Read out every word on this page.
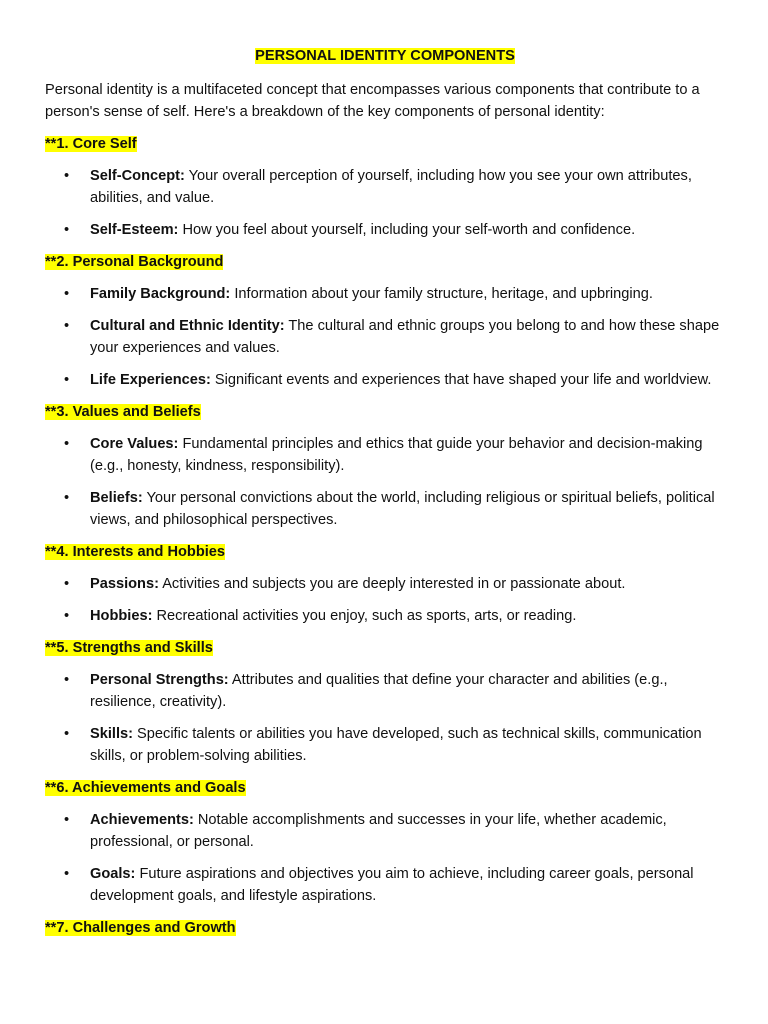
PERSONAL IDENTITY COMPONENTS

Personal identity is a multifaceted concept that encompasses various components that contribute to a person's sense of self. Here's a breakdown of the key components of personal identity:

**1. Core Self
• Self-Concept: Your overall perception of yourself, including how you see your own attributes, abilities, and value.
• Self-Esteem: How you feel about yourself, including your self-worth and confidence.
**2. Personal Background
• Family Background: Information about your family structure, heritage, and upbringing.
• Cultural and Ethnic Identity: The cultural and ethnic groups you belong to and how these shape your experiences and values.
• Life Experiences: Significant events and experiences that have shaped your life and worldview.
**3. Values and Beliefs
• Core Values: Fundamental principles and ethics that guide your behavior and decision-making (e.g., honesty, kindness, responsibility).
• Beliefs: Your personal convictions about the world, including religious or spiritual beliefs, political views, and philosophical perspectives.
**4. Interests and Hobbies
• Passions: Activities and subjects you are deeply interested in or passionate about.
• Hobbies: Recreational activities you enjoy, such as sports, arts, or reading.
**5. Strengths and Skills
• Personal Strengths: Attributes and qualities that define your character and abilities (e.g., resilience, creativity).
• Skills: Specific talents or abilities you have developed, such as technical skills, communication skills, or problem-solving abilities.
**6. Achievements and Goals
• Achievements: Notable accomplishments and successes in your life, whether academic, professional, or personal.
• Goals: Future aspirations and objectives you aim to achieve, including career goals, personal development goals, and lifestyle aspirations.
**7. Challenges and Growth
